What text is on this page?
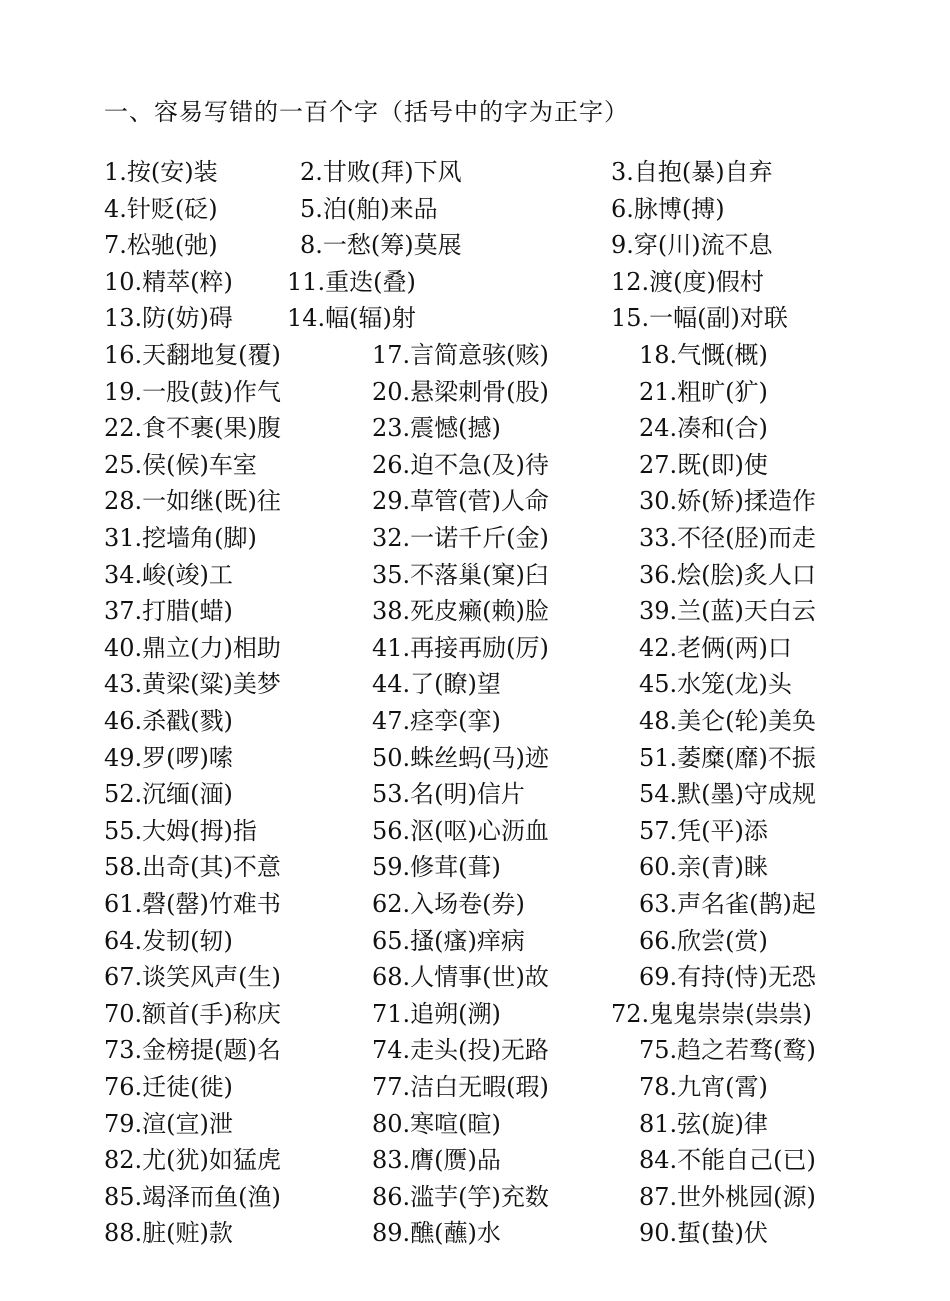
一、容易写错的一百个字（括号中的字为正字）
1.按(安)装	2.甘败(拜)下风	3.自抱(暴)自弃
4.针贬(砭)	5.泊(舶)来品	6.脉博(搏)
7.松驰(弛)	8.一愁(筹)莫展	9.穿(川)流不息
10.精萃(粹) 11.重迭(叠)	12.渡(度)假村
13.防(妨)碍 14.幅(辐)射	15.一幅(副)对联
16.天翻地复(覆)	17.言简意骇(赅)	18.气慨(概)
19.一股(鼓)作气	20.悬梁刺骨(股)	21.粗旷(犷)
22.食不裹(果)腹	23.震憾(撼)	24.凑和(合)
25.侯(候)车室	26.迫不急(及)待	27.既(即)使
28.一如继(既)往	29.草管(菅)人命	30.娇(矫)揉造作
31.挖墙角(脚)	32.一诺千斤(金)	33.不径(胫)而走
34.峻(竣)工	35.不落巢(窠)臼	36.烩(脍)炙人口
37.打腊(蜡)	38.死皮癞(赖)脸	39.兰(蓝)天白云
40.鼎立(力)相助	41.再接再励(厉)	42.老俩(两)口
43.黄梁(粱)美梦	44.了(瞭)望	45.水笼(龙)头
46.杀戳(戮)	47.痉孪(挛)	48.美仑(轮)美奂
49.罗(啰)嗦	50.蛛丝蚂(马)迹	51.萎糜(靡)不振
52.沉缅(湎)	53.名(明)信片	54.默(墨)守成规
55.大姆(拇)指	56.沤(呕)心沥血	57.凭(平)添
58.出奇(其)不意	59.修茸(葺)	60.亲(青)睐
61.磬(罄)竹难书	62.入场卷(券)	63.声名雀(鹊)起
64.发韧(轫)	65.搔(瘙)痒病	66.欣尝(赏)
67.谈笑风声(生)	68.人情事(世)故	69.有持(恃)无恐
70.额首(手)称庆	71.追朔(溯)	72.鬼鬼崇崇(祟祟)
73.金榜提(题)名	74.走头(投)无路	75.趋之若骛(鹜)
76.迁徒(徙)	77.洁白无暇(瑕)	78.九宵(霄)
79.渲(宣)泄	80.寒喧(暄)	81.弦(旋)律
82.尤(犹)如猛虎	83.膺(赝)品	84.不能自己(已)
85.竭泽而鱼(渔)	86.滥芋(竽)充数	87.世外桃园(源)
88.脏(赃)款	89.醮(蘸)水	90.蜇(蛰)伏
